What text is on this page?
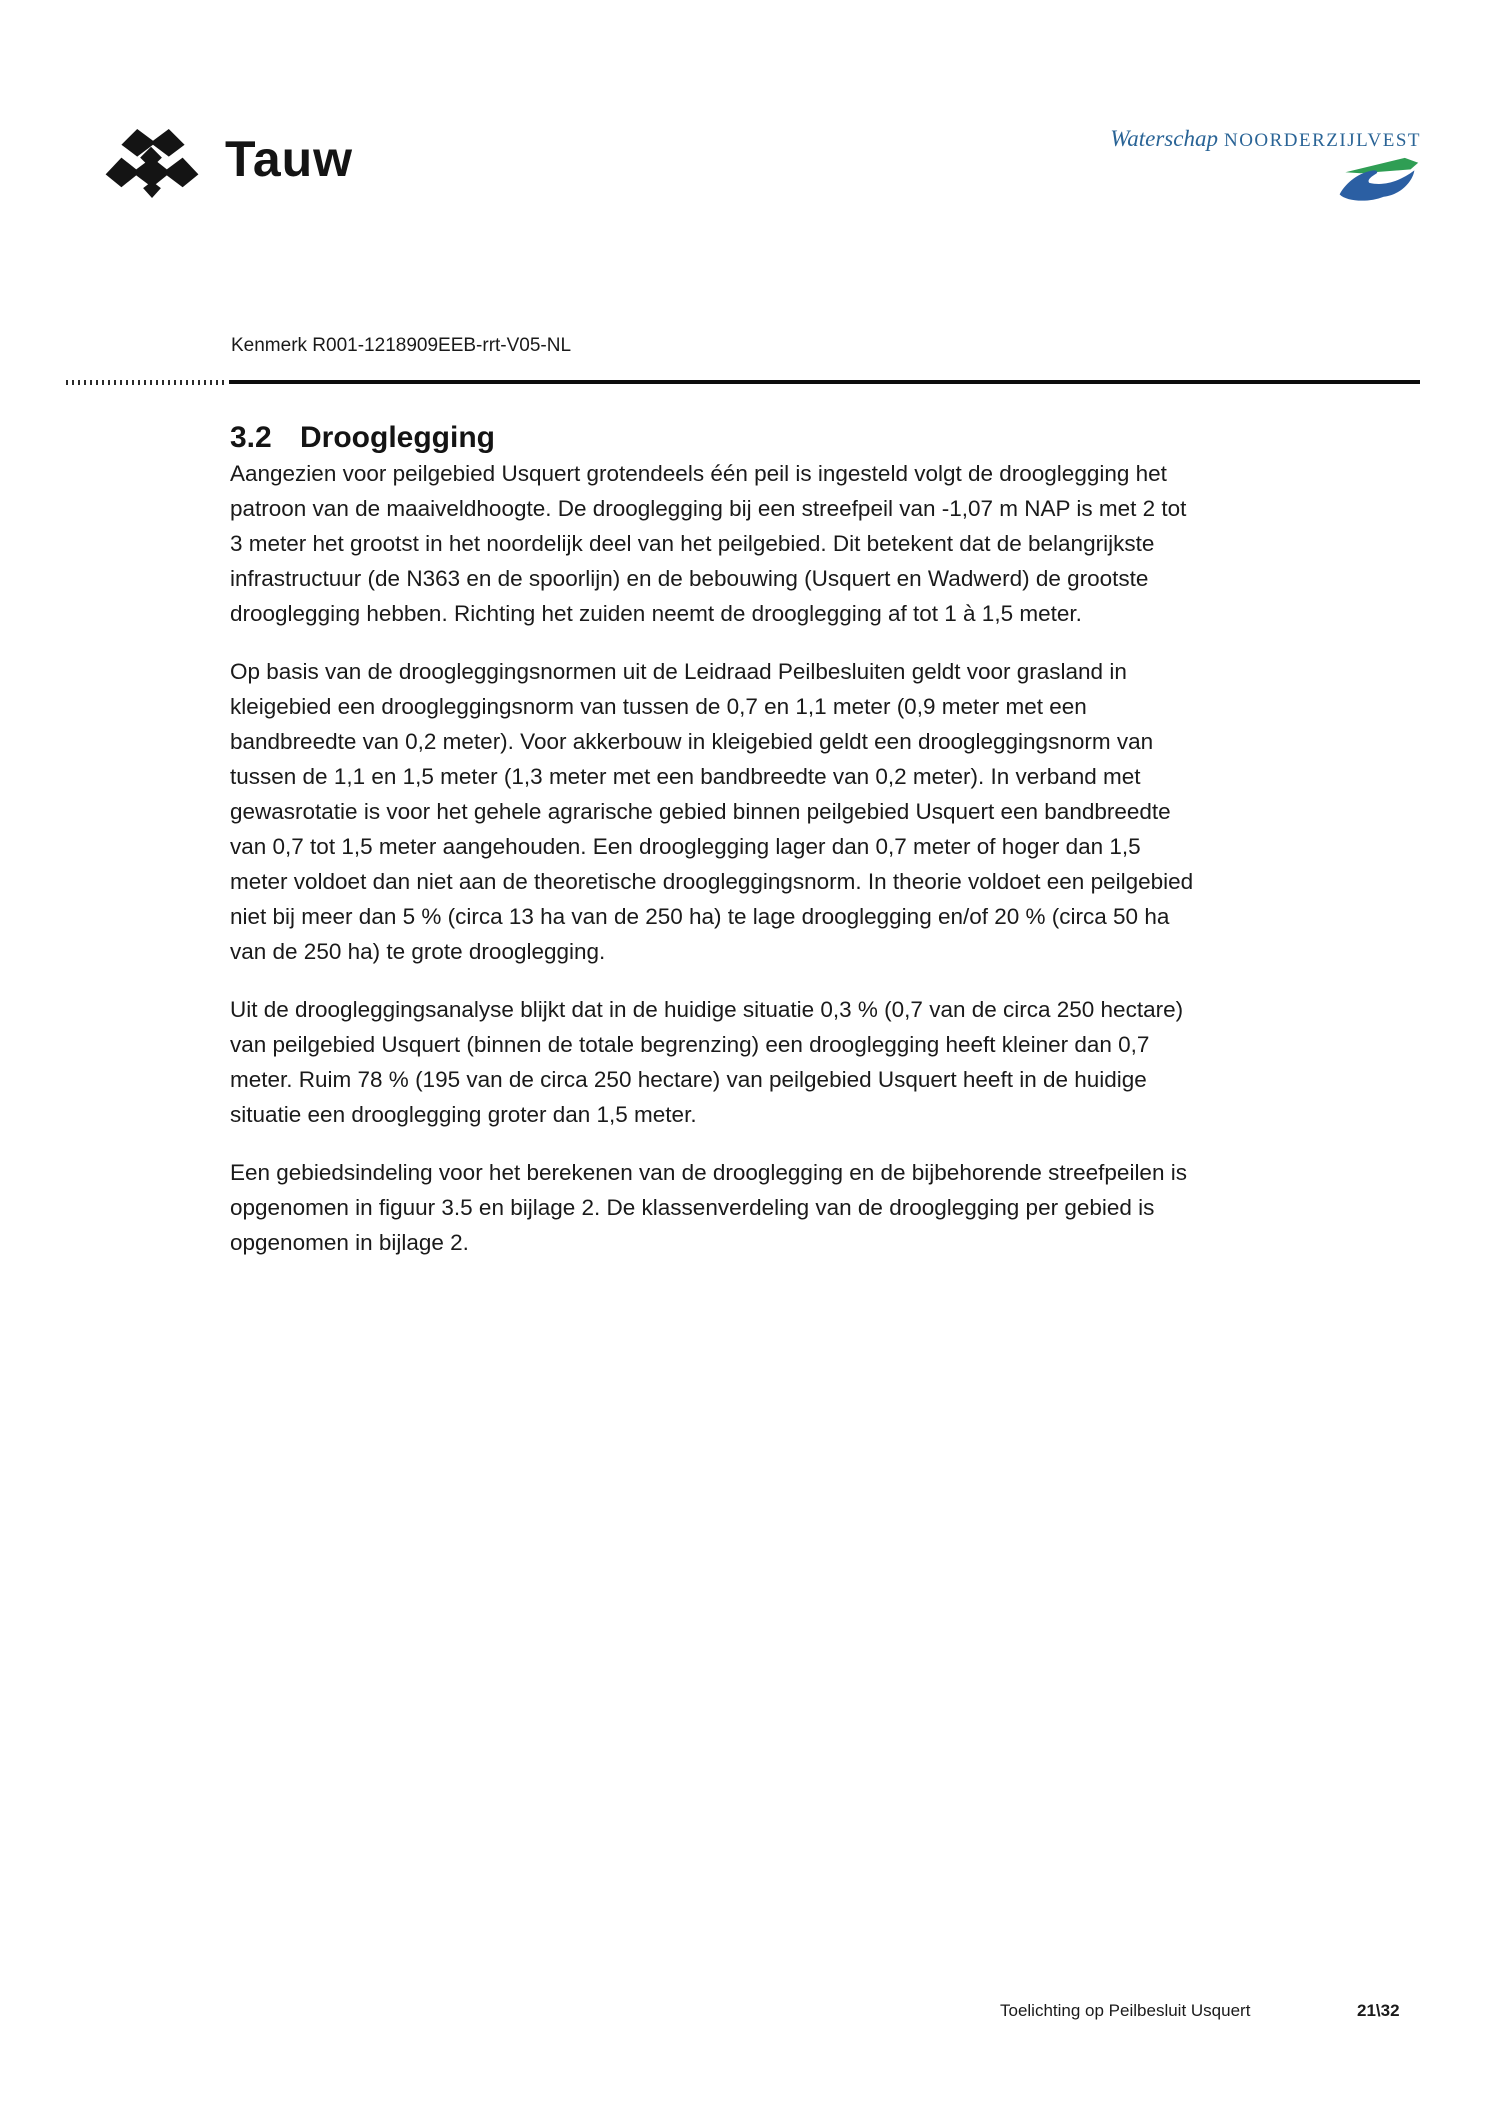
Tauw	Waterschap NOORDERZIJLVEST
Kenmerk R001-1218909EEB-rrt-V05-NL
3.2 Drooglegging
Aangezien voor peilgebied Usquert grotendeels één peil is ingesteld volgt de drooglegging het
patroon van de maaiveldhoogte. De drooglegging bij een streefpeil van -1,07 m NAP is met 2 tot
3 meter het grootst in het noordelijk deel van het peilgebied. Dit betekent dat de belangrijkste
infrastructuur (de N363 en de spoorlijn) en de bebouwing (Usquert en Wadwerd) de grootste
drooglegging hebben. Richting het zuiden neemt de drooglegging af tot 1 à 1,5 meter.
Op basis van de droogleggingsnormen uit de Leidraad Peilbesluiten geldt voor grasland in
kleigebied een droogleggingsnorm van tussen de 0,7 en 1,1 meter (0,9 meter met een
bandbreedte van 0,2 meter). Voor akkerbouw in kleigebied geldt een droogleggingsnorm van
tussen de 1,1 en 1,5 meter (1,3 meter met een bandbreedte van 0,2 meter). In verband met
gewasrotatie is voor het gehele agrarische gebied binnen peilgebied Usquert een bandbreedte
van 0,7 tot 1,5 meter aangehouden. Een drooglegging lager dan 0,7 meter of hoger dan 1,5
meter voldoet dan niet aan de theoretische droogleggingsnorm. In theorie voldoet een peilgebied
niet bij meer dan 5 % (circa 13 ha van de 250 ha) te lage drooglegging en/of 20 % (circa 50 ha
van de 250 ha) te grote drooglegging.
Uit de droogleggingsanalyse blijkt dat in de huidige situatie 0,3 % (0,7 van de circa 250 hectare)
van peilgebied Usquert (binnen de totale begrenzing) een drooglegging heeft kleiner dan 0,7
meter. Ruim 78 % (195 van de circa 250 hectare) van peilgebied Usquert heeft in de huidige
situatie een drooglegging groter dan 1,5 meter.
Een gebiedsindeling voor het berekenen van de drooglegging en de bijbehorende streefpeilen is
opgenomen in figuur 3.5 en bijlage 2. De klassenverdeling van de drooglegging per gebied is
opgenomen in bijlage 2.
Toelichting op Peilbesluit Usquert	21\32
